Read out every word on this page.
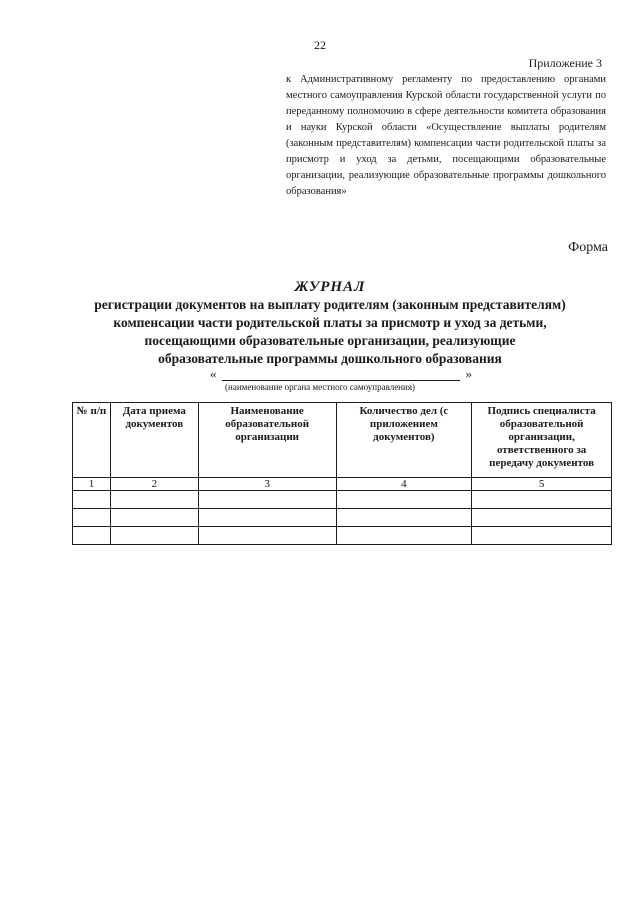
22
Приложение 3
к Административному регламенту по предоставлению органами местного самоуправления Курской области государственной услуги по переданному полномочию в сфере деятельности комитета образования и науки Курской области «Осуществление выплаты родителям (законным представителям) компенсации части родительской платы за присмотр и уход за детьми, посещающими образовательные организации, реализующие образовательные программы дошкольного образования»
Форма
ЖУРНАЛ
регистрации документов на выплату родителям (законным представителям)
компенсации части родительской платы за присмотр и уход за детьми,
посещающими образовательные организации, реализующие
образовательные программы дошкольного образования
«	»
(наименование органа местного самоуправления)
№ п/п	Дата приема документов	Наименование образовательной организации	Количество дел (с приложением документов)	Подпись специалиста образовательной организации, ответственного за передачу документов
1	2	3	4	5
